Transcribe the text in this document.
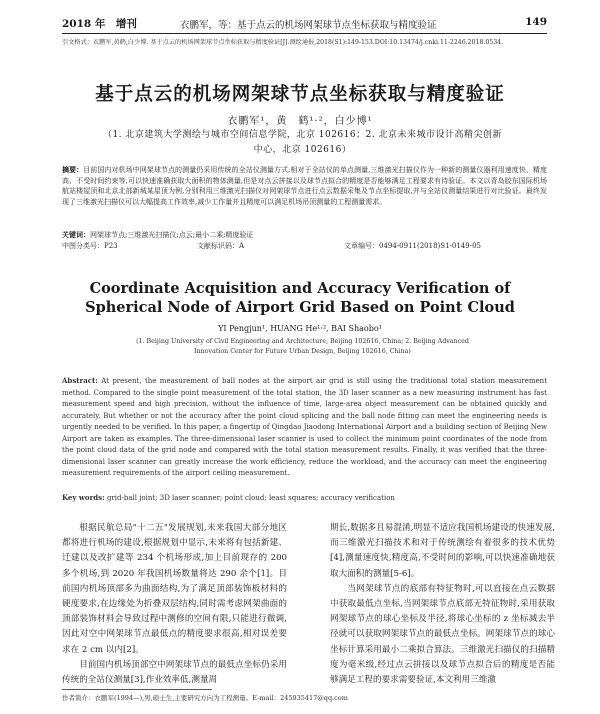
2018 年　增刊	衣鹏军，等：基于点云的机场网架球节点坐标获取与精度验证	149
引文格式：衣鹏军,黄鹤,白少博. 基于点云的机场网架球节点坐标获取与精度验证[J].测绘通报,2018(S1):149-153.DOI:10.13474/j.cnki.11-2246.2018.0534.
基于点云的机场网架球节点坐标获取与精度验证
衣鹏军¹，黄　鹤¹·²，白少博¹
（1. 北京建筑大学测绘与城市空间信息学院，北京 102616；2. 北京未来城市设计高精尖创新中心，北京 102616）
摘要：目前国内对机场中网架球节点的测量仍采用传统的全站仪测量方式,相对于全站仪的单点测量,三维激光扫描仪作为一种新的测量仪器利用速度快、精度高、不受时间约束等,可以快速准确获取大面积的物体测量,但是对点云拼接以及球节点拟合的精度是否能够满足工程要求有待验证。本文以青岛胶东国际机场航站楼屋顶和北京北部新城某屋顶为例,分别利用三维激光扫描仪对网架球节点进行点云数据采集及节点坐标提取,并与全站仪测量结果进行对比验证。最终发现了三维激光扫描仪可以大幅提高工作效率,减少工作量并且精度可以满足机场吊顶测量的工程测量需求。
关键词：网架球节点;三维激光扫描仪;点云;最小二乘;精度验证
中图分类号：P23	文献标识码：A	文章编号：0494-0911(2018)S1-0149-05
Coordinate Acquisition and Accuracy Verification of Spherical Node of Airport Grid Based on Point Cloud
YI Pengjun¹, HUANG He¹·², BAI Shaobo¹
(1. Beijing University of Civil Engineering and Architecture, Beijing 102616, China; 2. Beijing Advanced Innovation Center for Future Urban Design, Beijing 102616, China)
Abstract: At present, the measurement of ball nodes at the airport air grid is still using the traditional total station measurement method. Compared to the single point measurement of the total station, the 3D laser scanner as a new measuring instrument has fast measurement speed and high precision, without the influence of time, large-area object measurement can be obtained quickly and accurately. But whether or not the accuracy after the point cloud splicing and the ball node fitting can meet the engineering needs is urgently needed to be verified. In this paper, a fingertip of Qingdao Jiaodong International Airport and a building section of Beijing New Airport are taken as examples. The three-dimensional laser scanner is used to collect the minimum point coordinates of the node from the point cloud data of the grid node and compared with the total station measurement results. Finally, it was verified that the three-dimensional laser scanner can greatly increase the work efficiency, reduce the workload, and the accuracy can meet the engineering measurement requirements of the airport ceiling measurement.
Key words: grid-ball joint; 3D laser scanner; point cloud; least squares; accuracy verification

根据民航总局"十二五"发展规划,未来我国大部分地区都将进行机场的建设,根据规划中显示,未来将有包括新建、迁建以及改扩建等 234 个机场形成,加上目前现存的 200 多个机场,到 2020 年我国机场数量将达 290 余个[1]。目前国内机场顶部多为曲面结构,为了满足顶部装饰板材料的硬度要求,在边缘处为折叠双层结构,同时需考虑网架曲面的顶部装饰材料会导致过程中测修的空间有限,只能进行微调,因此对空中网架球节点最低点的精度要求很高,相对误差要求在 2 cm 以内[2]。

目前国内机场顶部空中网架球节点的最低点坐标仍采用传统的全站仪测量[3],作业效率低,测量周

期长,数据多且易混淆,明显不适应我国机场建设的快速发展,而三维激光扫描技术和对于传统测绘有着很多的技术优势[4],测量速度快,精度高,不受时间的影响,可以快速准确地获取大面积的测量[5-6]。

当网架球节点的底部有特征物时,可以直接在点云数据中获取最低点坐标,当网架球节点底部无特征物时,采用获取网架球节点的球心坐标及半径,将球心坐标的 z 坐标减去半径就可以获取网架球节点的最低点坐标。网架球节点的球心坐标计算采用最小二乘拟合算法。三维激光扫描仪的扫描精度为毫米级,经过点云拼接以及球节点拟合后的精度是否能够满足工程的要求需要验证,本文利用三维激

作者简介：衣鹏军(1994—),男,硕士生,主要研究方向为工程测量。E-mail：245935417@qq.com
